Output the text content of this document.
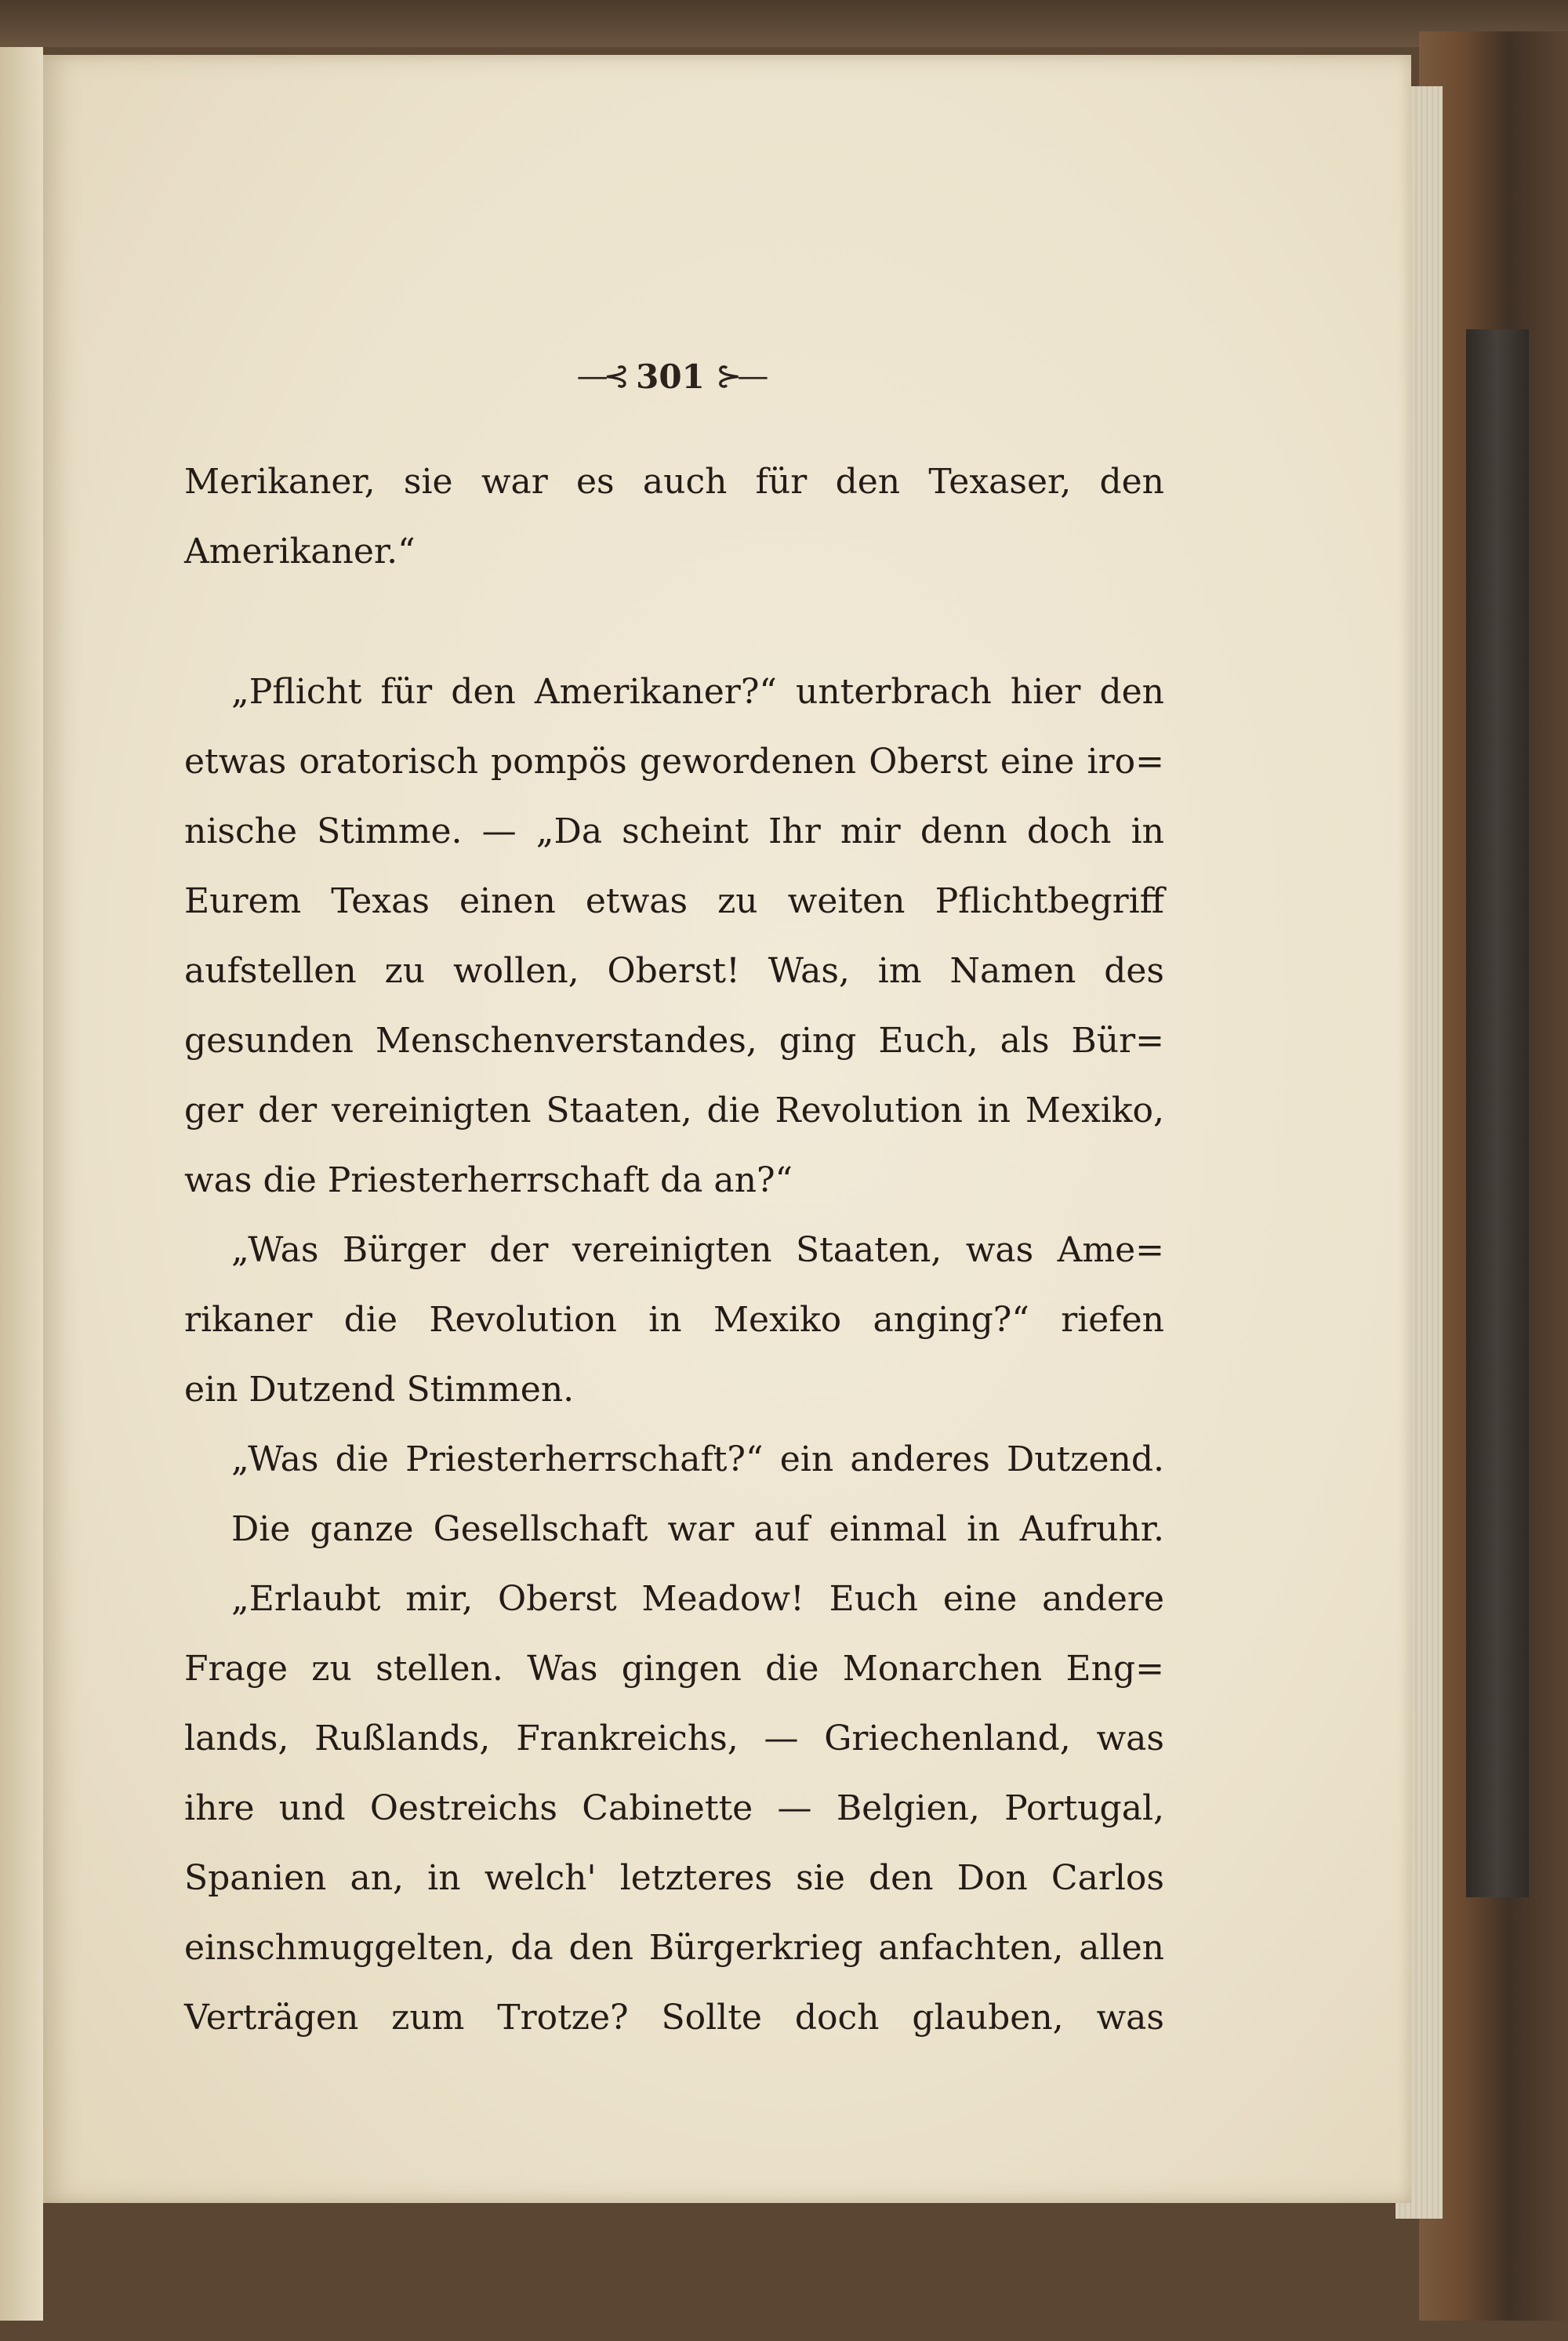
—⊰ 301 ⊱—
Merikaner, sie war es auch für den Texaser, den
Amerikaner.“
„Pflicht für den Amerikaner?“ unterbrach hier den
etwas oratorisch pompös gewordenen Oberst eine iro=
nische Stimme. — „Da scheint Ihr mir denn doch in
Eurem Texas einen etwas zu weiten Pflichtbegriff
aufstellen zu wollen, Oberst! Was, im Namen des
gesunden Menschenverstandes, ging Euch, als Bür=
ger der vereinigten Staaten, die Revolution in Mexiko,
was die Priesterherrschaft da an?“
„Was Bürger der vereinigten Staaten, was Ame=
rikaner die Revolution in Mexiko anging?“ riefen
ein Dutzend Stimmen.
„Was die Priesterherrschaft?“ ein anderes Dutzend.
Die ganze Gesellschaft war auf einmal in Aufruhr.
„Erlaubt mir, Oberst Meadow! Euch eine andere
Frage zu stellen. Was gingen die Monarchen Eng=
lands, Rußlands, Frankreichs, — Griechenland, was
ihre und Oestreichs Cabinette — Belgien, Portugal,
Spanien an, in welch' letzteres sie den Don Carlos
einschmuggelten, da den Bürgerkrieg anfachten, allen
Verträgen zum Trotze? Sollte doch glauben, was
